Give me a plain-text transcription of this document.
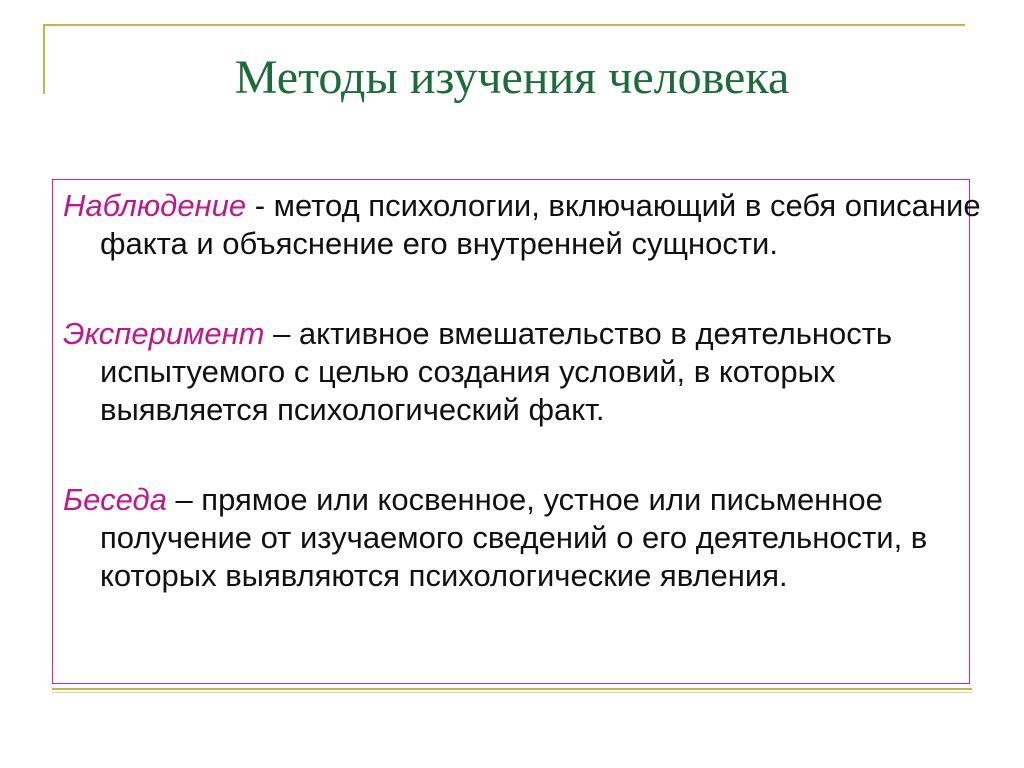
Методы изучения человека
Наблюдение - метод психологии, включающий в себя описание факта и объяснение его внутренней сущности.
Эксперимент – активное вмешательство в деятельность испытуемого с целью создания условий, в которых выявляется психологический факт.
Беседа – прямое или косвенное, устное или письменное получение от изучаемого сведений о его деятельности, в которых выявляются психологические явления.
